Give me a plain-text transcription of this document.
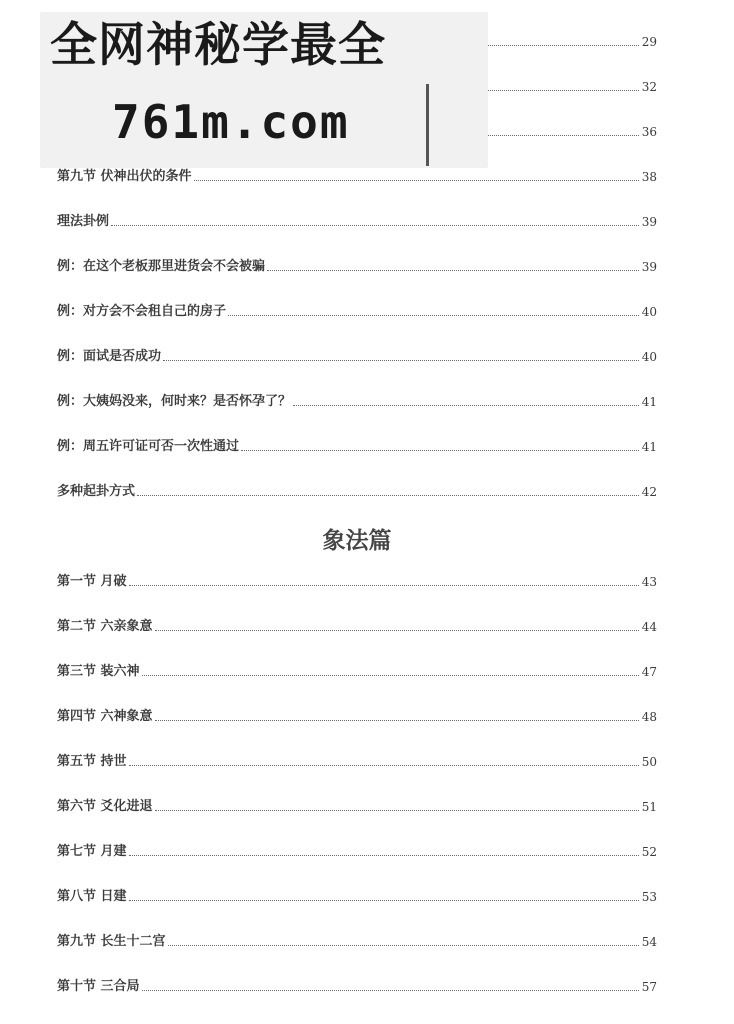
29
32
36
全网神秘学最全
761m.com
第九节 伏神出伏的条件	38
理法卦例	39
例：在这个老板那里进货会不会被骗	39
例：对方会不会租自己的房子	40
例：面试是否成功	40
例：大姨妈没来，何时来？是否怀孕了？	41
例：周五许可证可否一次性通过	41
多种起卦方式	42
象法篇
第一节 月破	43
第二节 六亲象意	44
第三节 装六神	47
第四节 六神象意	48
第五节 持世	50
第六节 爻化进退	51
第七节 月建	52
第八节 日建	53
第九节 长生十二宫	54
第十节 三合局	57
